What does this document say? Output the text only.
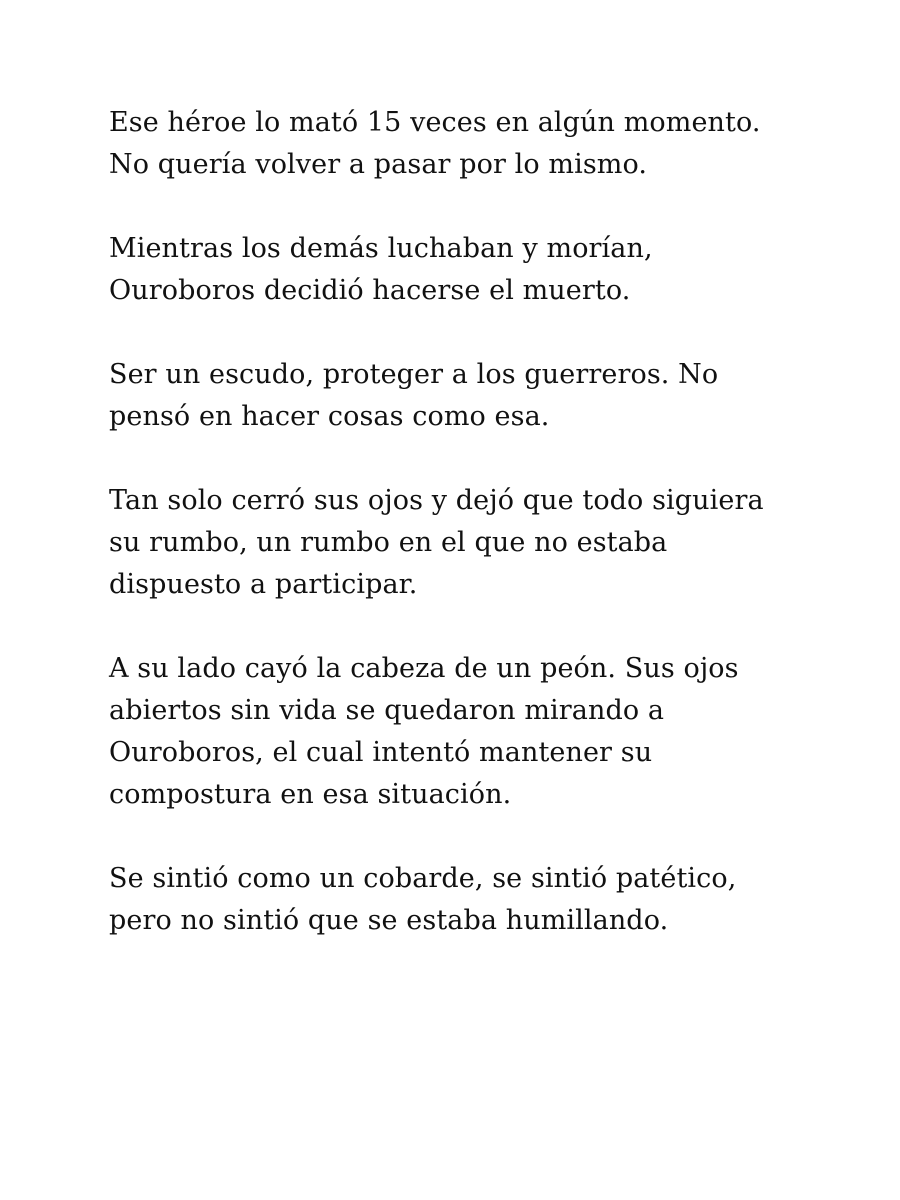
Ese héroe lo mató 15 veces en algún momento.
No quería volver a pasar por lo mismo.

Mientras los demás luchaban y morían,
Ouroboros decidió hacerse el muerto.

Ser un escudo, proteger a los guerreros. No
pensó en hacer cosas como esa.

Tan solo cerró sus ojos y dejó que todo siguiera
su rumbo, un rumbo en el que no estaba
dispuesto a participar.

A su lado cayó la cabeza de un peón. Sus ojos
abiertos sin vida se quedaron mirando a
Ouroboros, el cual intentó mantener su
compostura en esa situación.

Se sintió como un cobarde, se sintió patético,
pero no sintió que se estaba humillando.
